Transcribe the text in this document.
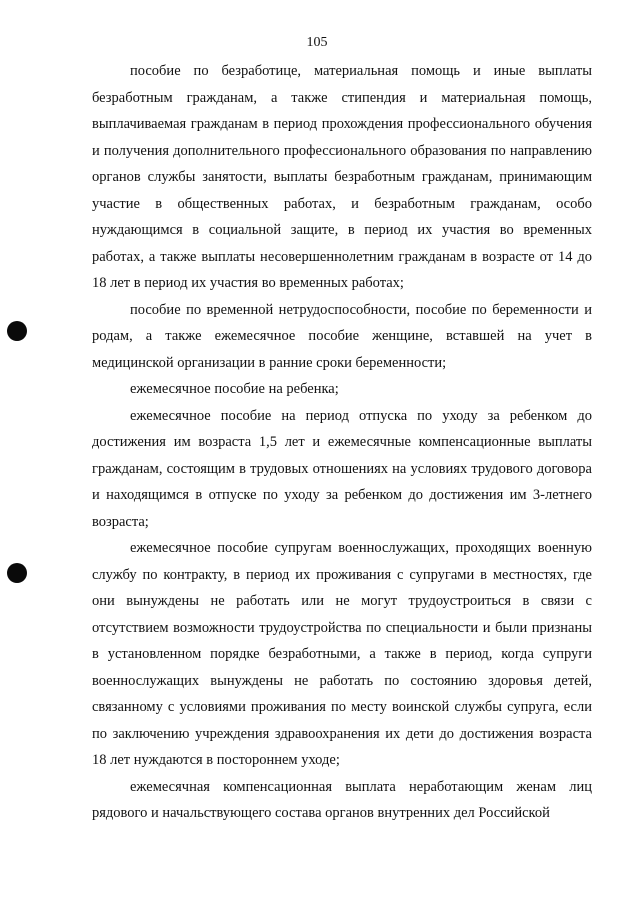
105

пособие по безработице, материальная помощь и иные выплаты безработным гражданам, а также стипендия и материальная помощь, выплачиваемая гражданам в период прохождения профессионального обучения и получения дополнительного профессионального образования по направлению органов службы занятости, выплаты безработным гражданам, принимающим участие в общественных работах, и безработным гражданам, особо нуждающимся в социальной защите, в период их участия во временных работах, а также выплаты несовершеннолетним гражданам в возрасте от 14 до 18 лет в период их участия во временных работах;

пособие по временной нетрудоспособности, пособие по беременности и родам, а также ежемесячное пособие женщине, вставшей на учет в медицинской организации в ранние сроки беременности;

ежемесячное пособие на ребенка;

ежемесячное пособие на период отпуска по уходу за ребенком до достижения им возраста 1,5 лет и ежемесячные компенсационные выплаты гражданам, состоящим в трудовых отношениях на условиях трудового договора и находящимся в отпуске по уходу за ребенком до достижения им 3-летнего возраста;

ежемесячное пособие супругам военнослужащих, проходящих военную службу по контракту, в период их проживания с супругами в местностях, где они вынуждены не работать или не могут трудоустроиться в связи с отсутствием возможности трудоустройства по специальности и были признаны в установленном порядке безработными, а также в период, когда супруги военнослужащих вынуждены не работать по состоянию здоровья детей, связанному с условиями проживания по месту воинской службы супруга, если по заключению учреждения здравоохранения их дети до достижения возраста 18 лет нуждаются в постороннем уходе;

ежемесячная компенсационная выплата неработающим женам лиц рядового и начальствующего состава органов внутренних дел Российской
